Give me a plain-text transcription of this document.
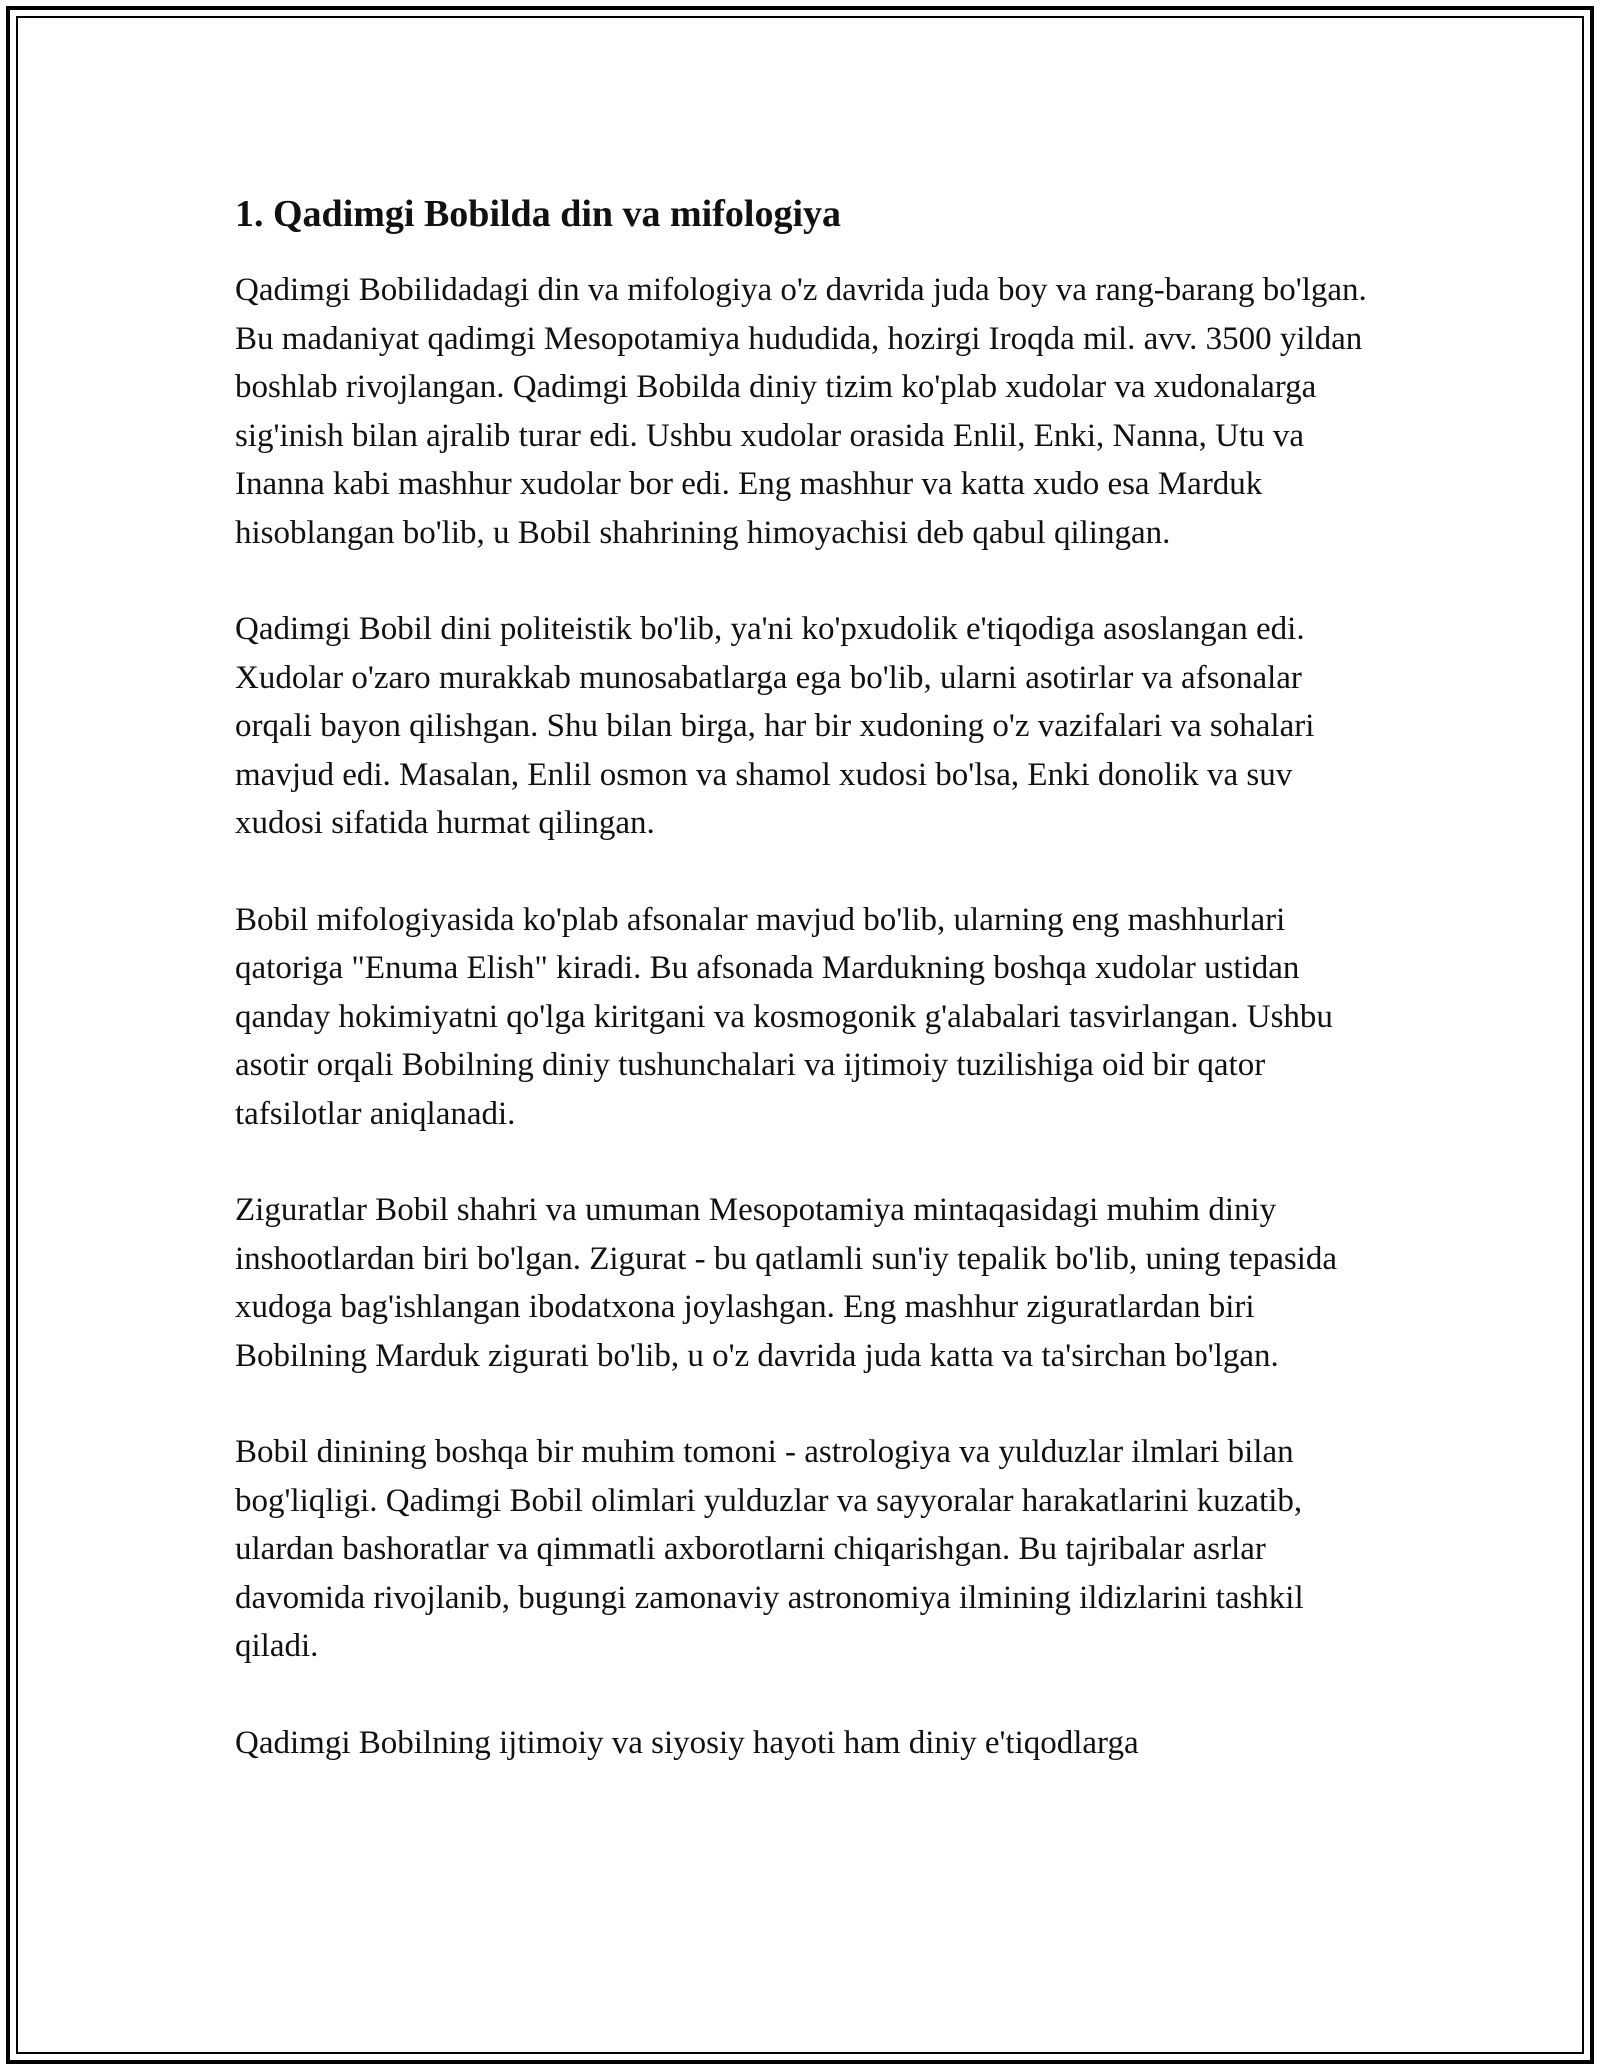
1. Qadimgi Bobilda din va mifologiya

Qadimgi Bobilidadagi din va mifologiya o'z davrida juda boy va rang-barang bo'lgan. Bu madaniyat qadimgi Mesopotamiya hududida, hozirgi Iroqda mil. avv. 3500 yildan boshlab rivojlangan. Qadimgi Bobilda diniy tizim ko'plab xudolar va xudonalarga sig'inish bilan ajralib turar edi. Ushbu xudolar orasida Enlil, Enki, Nanna, Utu va Inanna kabi mashhur xudolar bor edi. Eng mashhur va katta xudo esa Marduk hisoblangan bo'lib, u Bobil shahrining himoyachisi deb qabul qilingan.

Qadimgi Bobil dini politeistik bo'lib, ya'ni ko'pxudolik e'tiqodiga asoslangan edi. Xudolar o'zaro murakkab munosabatlarga ega bo'lib, ularni asotirlar va afsonalar orqali bayon qilishgan. Shu bilan birga, har bir xudoning o'z vazifalari va sohalari mavjud edi. Masalan, Enlil osmon va shamol xudosi bo'lsa, Enki donolik va suv xudosi sifatida hurmat qilingan.

Bobil mifologiyasida ko'plab afsonalar mavjud bo'lib, ularning eng mashhurlari qatoriga "Enuma Elish" kiradi. Bu afsonada Mardukning boshqa xudolar ustidan qanday hokimiyatni qo'lga kiritgani va kosmogonik g'alabalari tasvirlangan. Ushbu asotir orqali Bobilning diniy tushunchalari va ijtimoiy tuzilishiga oid bir qator tafsilotlar aniqlanadi.

Ziguratlar Bobil shahri va umuman Mesopotamiya mintaqasidagi muhim diniy inshootlardan biri bo'lgan. Zigurat - bu qatlamli sun'iy tepalik bo'lib, uning tepasida xudoga bag'ishlangan ibodatxona joylashgan. Eng mashhur ziguratlardan biri Bobilning Marduk zigurati bo'lib, u o'z davrida juda katta va ta'sirchan bo'lgan.

Bobil dinining boshqa bir muhim tomoni - astrologiya va yulduzlar ilmlari bilan bog'liqligi. Qadimgi Bobil olimlari yulduzlar va sayyoralar harakatlarini kuzatib, ulardan bashoratlar va qimmatli axborotlarni chiqarishgan. Bu tajribalar asrlar davomida rivojlanib, bugungi zamonaviy astronomiya ilmining ildizlarini tashkil qiladi.

Qadimgi Bobilning ijtimoiy va siyosiy hayoti ham diniy e'tiqodlarga
